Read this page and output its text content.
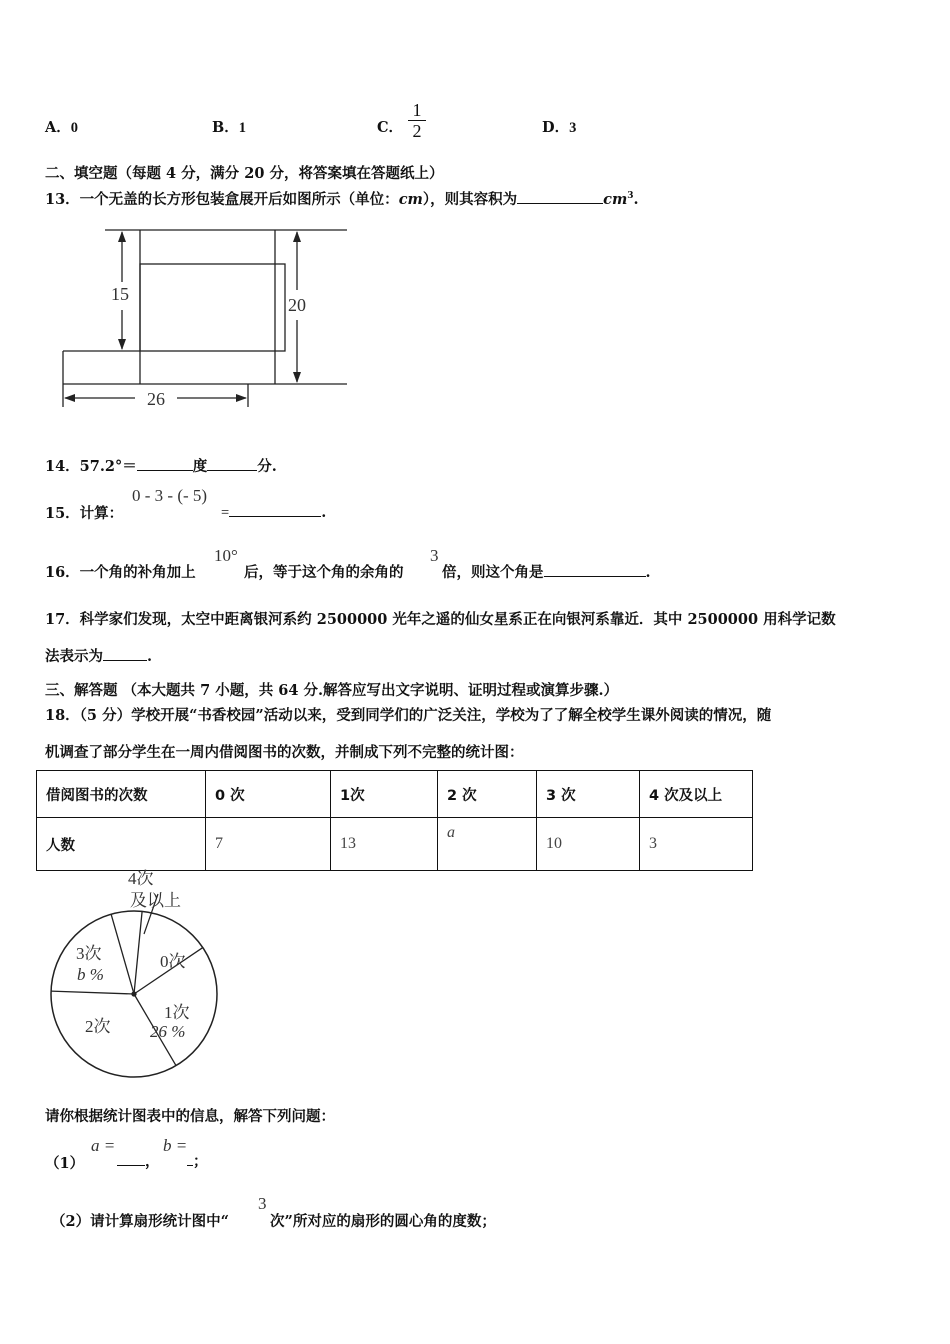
A．0	B．1	C．
1
2	D．3
二、填空题（每题 4 分，满分 20 分，将答案填在答题纸上）
13．一个无盖的长方形包装盒展开后如图所示（单位：cm），则其容积为	$cm^3$.
15
20
26
14．57.2°＝	度	分.
15．计算：
0 - 3 - (- 5)
=	.
16．一个角的补角加上
10°
后，等于这个角的余角的
3
倍，则这个角是	.
17．科学家们发现，太空中距离银河系约 2500000 光年之遥的仙女星系正在向银河系靠近．其中 2500000 用科学记数
法表示为	.
三、解答题 （本大题共 7 小题，共 64 分.解答应写出文字说明、证明过程或演算步骤.）
18．（5 分）学校开展“书香校园”活动以来，受到同学们的广泛关注，学校为了了解全校学生课外阅读的情况，随
机调查了部分学生在一周内借阅图书的次数，并制成下列不完整的统计图：
借阅图书的次数	0 次	1次	2 次	3 次	4 次及以上
人数	7	13	a	10	3
4次
及以上
0次
1次
26 %
2次
3次
b %
请你根据统计图表中的信息，解答下列问题：
（1）
a =
，
b =
；
（2）请计算扇形统计图中“
3
次”所对应的扇形的圆心角的度数；
